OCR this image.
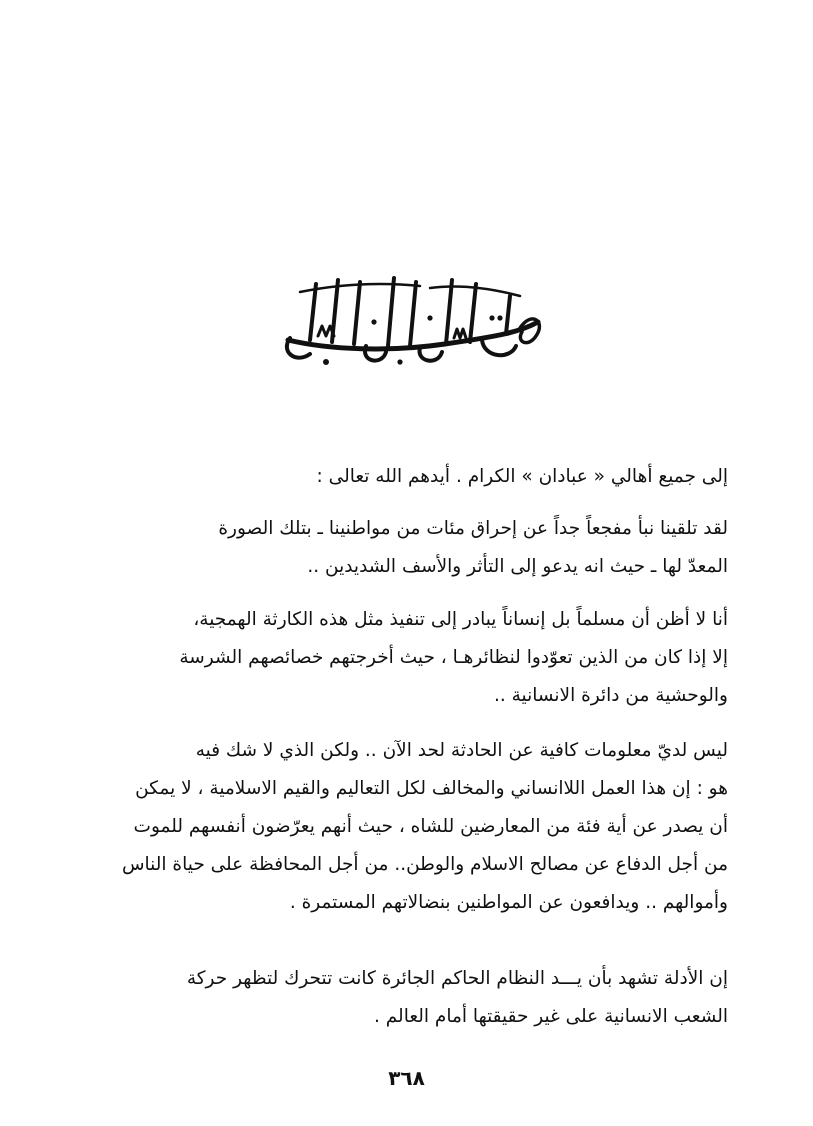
إلى جميع أهالي « عبادان » الكرام . أيدهم الله تعالى :
لقد تلقينا نبأ مفجعاً جداً عن إحراق مئات من مواطنينا ـ بتلك الصورة
المعدّ لها ـ حيث انه يدعو إلى التأثر والأسف الشديدين ..
أنا لا أظن أن مسلماً بل إنساناً يبادر إلى تنفيذ مثل هذه الكارثة الهمجية،
إلا إذا كان من الذين تعوّدوا لنظائرهـا ، حيث أخرجتهم خصائصهم الشرسة
والوحشية من دائرة الانسانية ..
ليس لديّ معلومات كافية عن الحادثة لحد الآن .. ولكن الذي لا شك فيه
هو : إن هذا العمل اللاانساني والمخالف لكل التعاليم والقيم الاسلامية ، لا يمكن
أن يصدر عن أية فئة من المعارضين للشاه ، حيث أنهم يعرّضون أنفسهم للموت
من أجل الدفاع عن مصالح الاسلام والوطن.. من أجل المحافظة على حياة الناس
وأموالهم .. ويدافعون عن المواطنين بنضالاتهم المستمرة .
إن الأدلة تشهد بأن يـــد النظام الحاكم الجائرة كانت تتحرك لتظهر حركة
الشعب الانسانية على غير حقيقتها أمام العالم .
٣٦٨
